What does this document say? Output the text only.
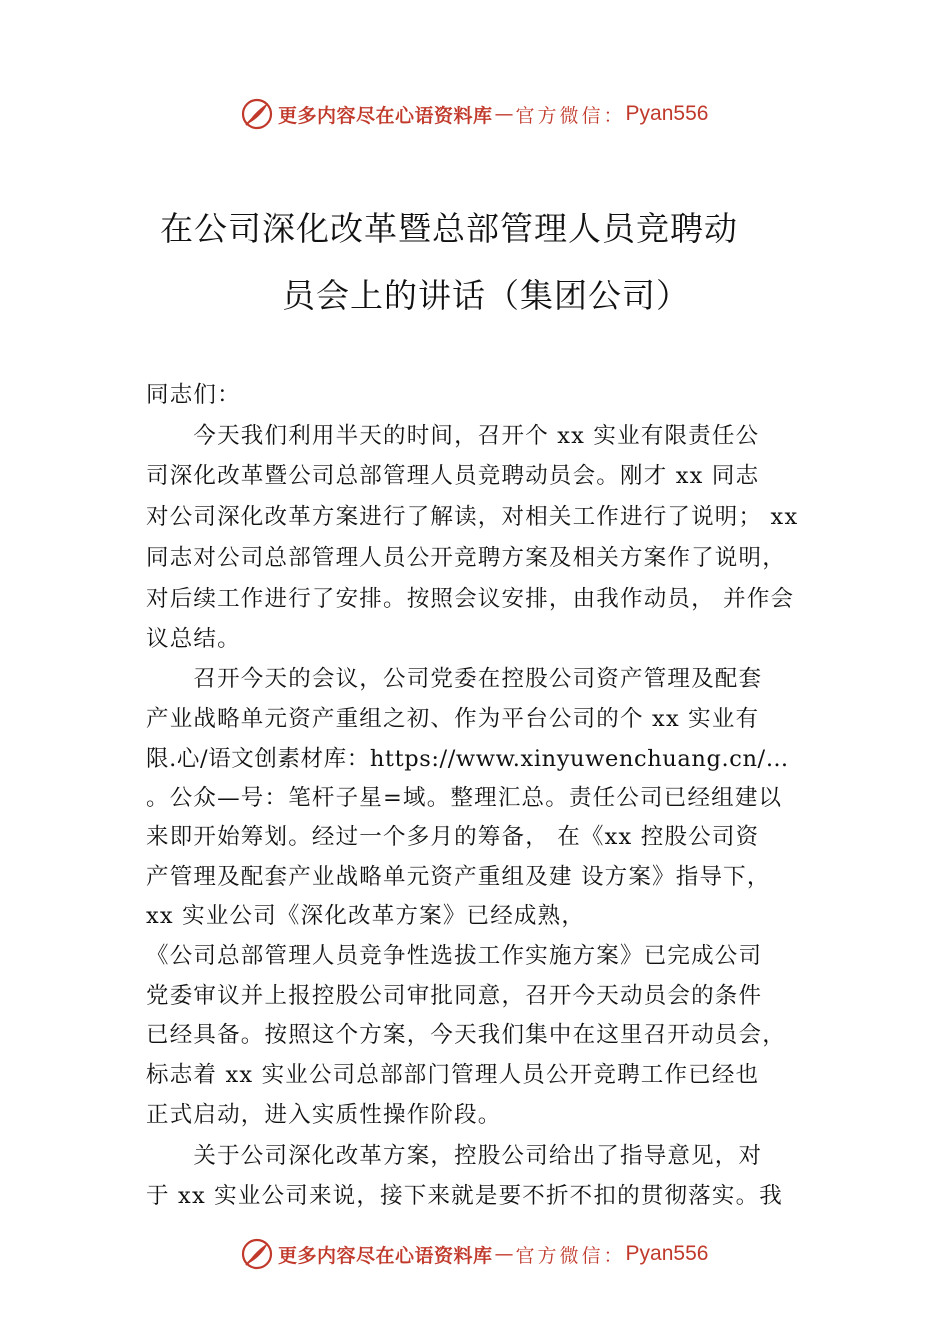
更多内容尽在心语资料库 — 官方微信： Pyan556
在公司深化改革暨总部管理人员竞聘动
员会上的讲话（集团公司）
同志们：
　　今天我们利用半天的时间，召开个 xx 实业有限责任公
司深化改革暨公司总部管理人员竞聘动员会。刚才 xx 同志
对公司深化改革方案进行了解读，对相关工作进行了说明； xx
同志对公司总部管理人员公开竞聘方案及相关方案作了说明，
对后续工作进行了安排。按照会议安排，由我作动员， 并作会
议总结。
　　召开今天的会议，公司党委在控股公司资产管理及配套
产业战略单元资产重组之初、作为平台公司的个 xx 实业有
限.心/语文创素材库：https://www.xinyuwenchuang.cn/…
。公众—号：笔杆子星=域。整理汇总。责任公司已经组建以
来即开始筹划。经过一个多月的筹备， 在《xx 控股公司资
产管理及配套产业战略单元资产重组及建 设方案》指导下，
xx 实业公司《深化改革方案》已经成熟，
《公司总部管理人员竞争性选拔工作实施方案》已完成公司
党委审议并上报控股公司审批同意，召开今天动员会的条件
已经具备。按照这个方案，今天我们集中在这里召开动员会，
标志着 xx 实业公司总部部门管理人员公开竞聘工作已经也
正式启动，进入实质性操作阶段。
　　关于公司深化改革方案，控股公司给出了指导意见，对
于 xx 实业公司来说，接下来就是要不折不扣的贯彻落实。我
更多内容尽在心语资料库 — 官方微信： Pyan556
